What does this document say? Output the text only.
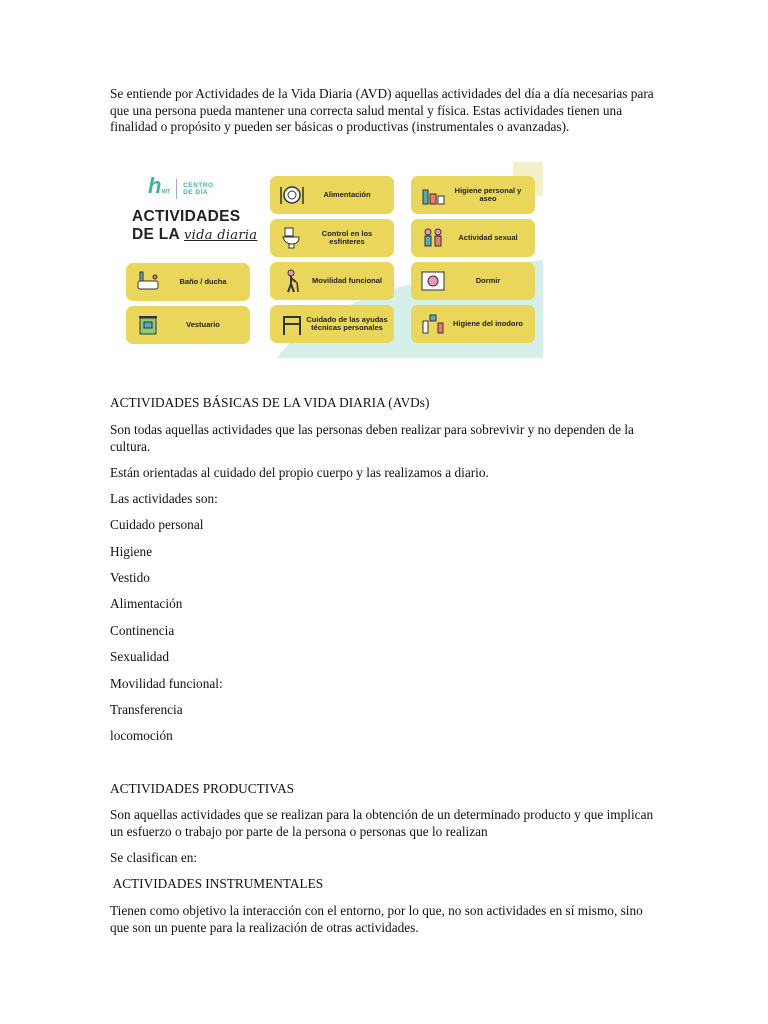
Se entiende por Actividades de la Vida Diaria (AVD) aquellas actividades del día a día necesarias para que una persona pueda mantener una correcta salud mental y física. Estas actividades tienen una finalidad o propósito y pueden ser básicas o productivas (instrumentales o avanzadas).

hMIT
CENTRO
DE DÍA
ACTIVIDADES
DE LA vida diaria
Baño / ducha
Vestuario
Alimentación
Control en los esfínteres
Movilidad funcional
Cuidado de las ayudas técnicas personales
Higiene personal y aseo
Actividad sexual
Dormir
Higiene del inodoro

ACTIVIDADES BÁSICAS DE LA VIDA DIARIA (AVDs)

Son todas aquellas actividades que las personas deben realizar para sobrevivir y no dependen de la cultura.

Están orientadas al cuidado del propio cuerpo y las realizamos a diario.

Las actividades son:

Cuidado personal

Higiene

Vestido

Alimentación

Continencia

Sexualidad

Movilidad funcional:

Transferencia

locomoción

ACTIVIDADES PRODUCTIVAS

Son aquellas actividades que se realizan para la obtención de un determinado producto y que implican un esfuerzo o trabajo por parte de la persona o personas que lo realizan

Se clasifican en:

ACTIVIDADES INSTRUMENTALES

Tienen como objetivo la interacción con el entorno, por lo que, no son actividades en sí mismo, sino que son un puente para la realización de otras actividades.
